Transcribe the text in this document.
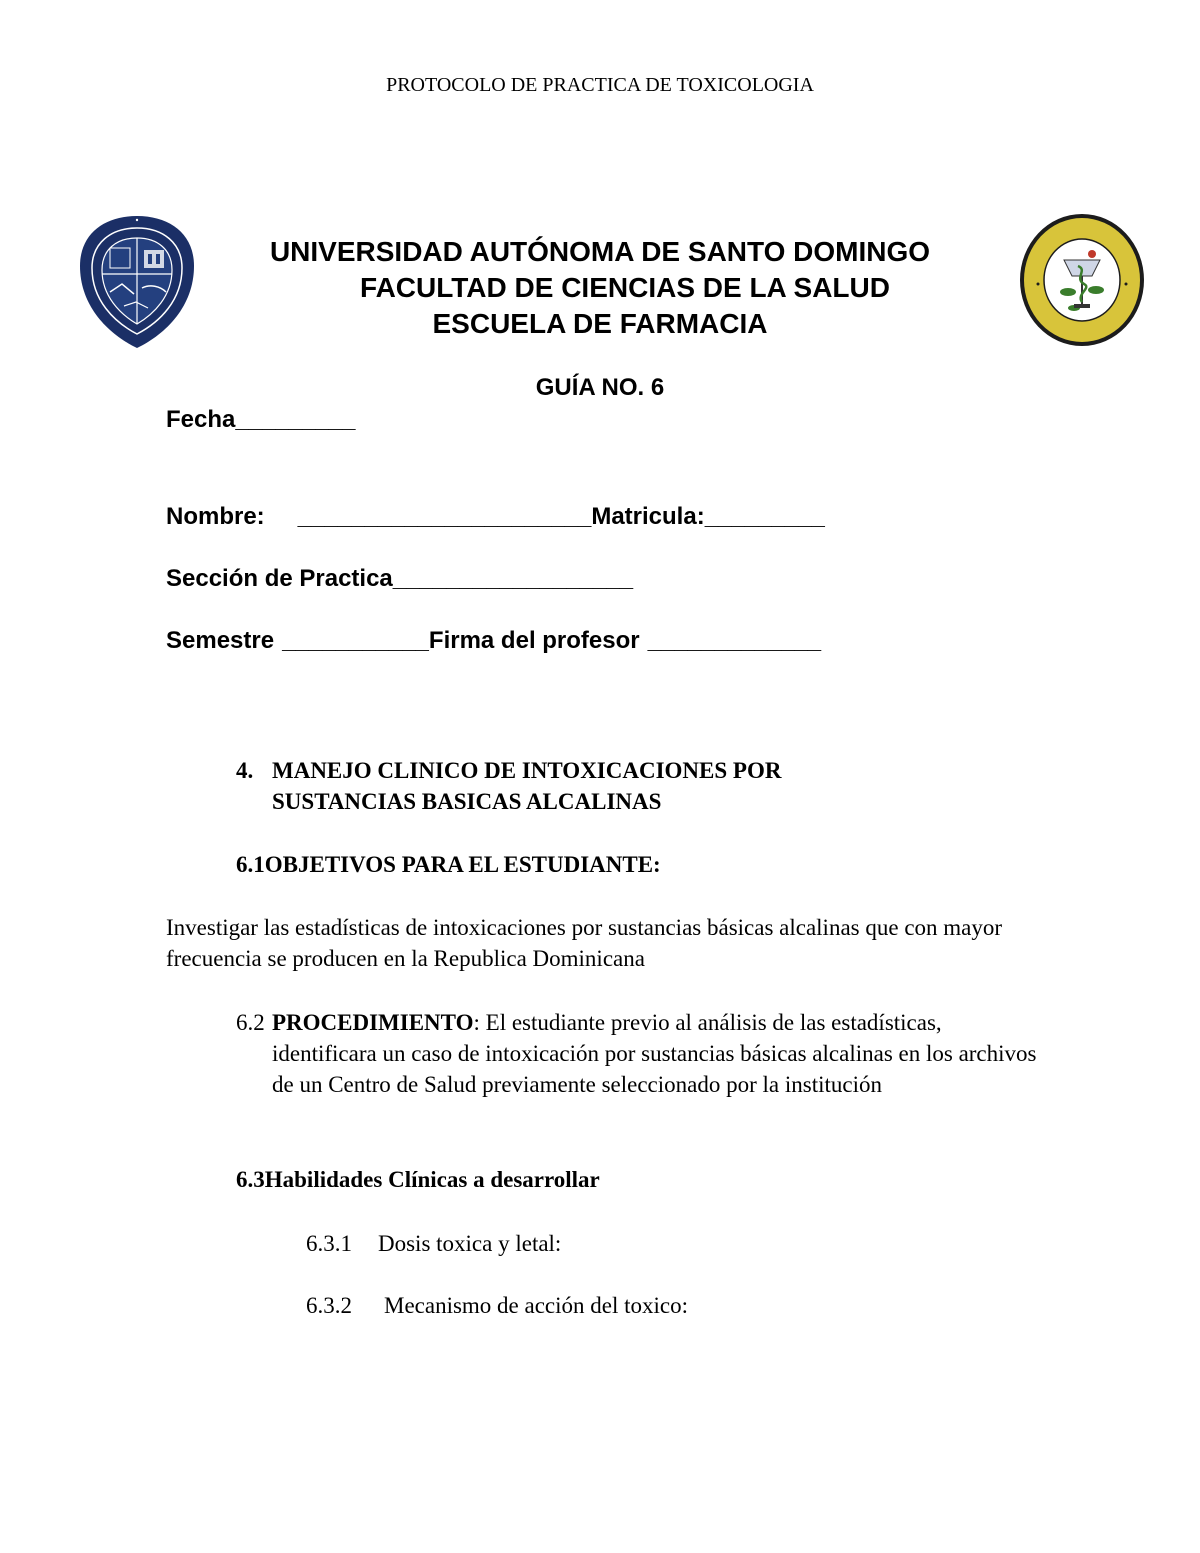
PROTOCOLO DE PRACTICA DE TOXICOLOGIA
UNIVERSIDAD AUTÓNOMA DE SANTO DOMINGO
FACULTAD DE CIENCIAS DE LA SALUD
ESCUELA DE FARMACIA
GUÍA NO. 6
Fecha_________
Nombre: ______________________Matricula:_________
Sección de Practica__________________
Semestre ___________Firma del profesor _____________
4. MANEJO CLINICO DE INTOXICACIONES POR SUSTANCIAS BASICAS ALCALINAS
6.1OBJETIVOS PARA EL ESTUDIANTE:
Investigar las estadísticas de intoxicaciones por sustancias básicas alcalinas que con mayor frecuencia se producen en la Republica Dominicana
6.2 PROCEDIMIENTO: El estudiante previo al análisis de las estadísticas, identificara un caso de intoxicación por sustancias básicas alcalinas en los archivos de un Centro de Salud previamente seleccionado por la institución
6.3Habilidades Clínicas a desarrollar
6.3.1 Dosis toxica y letal:
6.3.2 Mecanismo de acción del toxico:
